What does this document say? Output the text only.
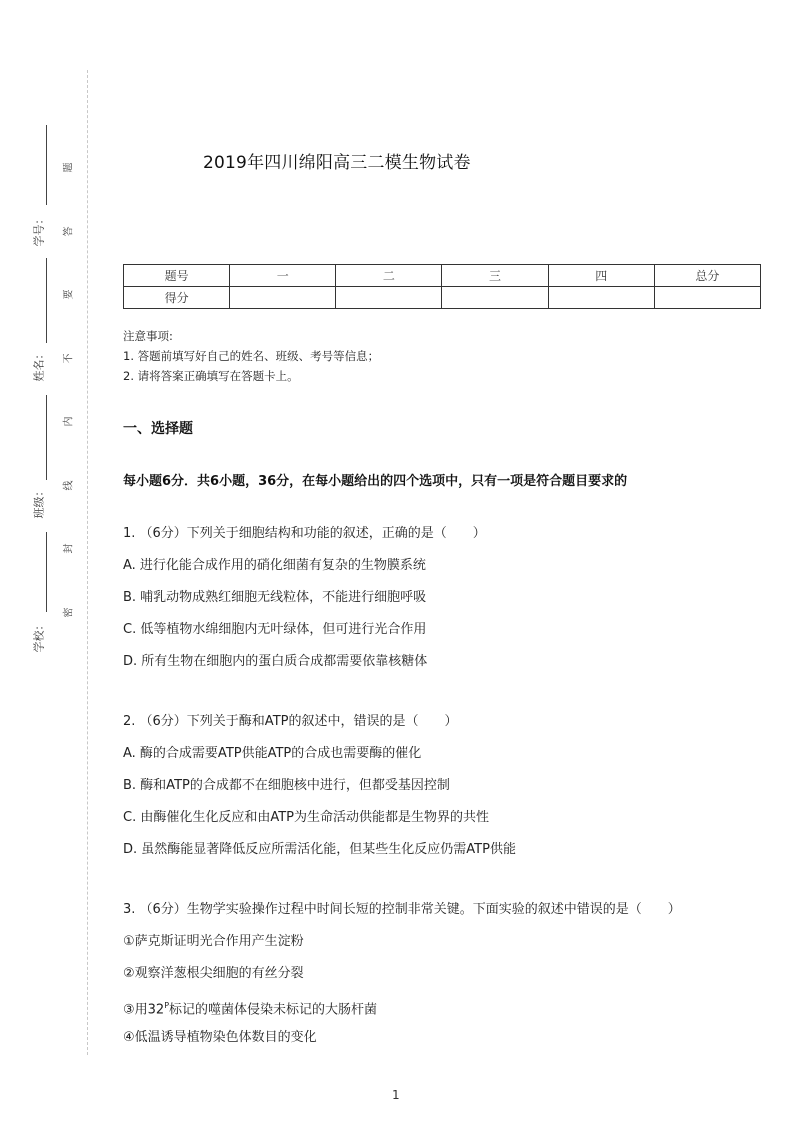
学号：
姓名：
班级：
学校：
题
答
要
不
内
线
封
密
2019年四川绵阳高三二模生物试卷
题号	一	二	三	四	总分
得分					
注意事项:
1. 答题前填写好自己的姓名、班级、考号等信息；
2. 请将答案正确填写在答题卡上。
一、选择题
每小题6分．共6小题，36分，在每小题给出的四个选项中，只有一项是符合题目要求的
1. （6分）下列关于细胞结构和功能的叙述，正确的是（　　）
A. 进行化能合成作用的硝化细菌有复杂的生物膜系统
B. 哺乳动物成熟红细胞无线粒体，不能进行细胞呼吸
C. 低等植物水绵细胞内无叶绿体，但可进行光合作用
D. 所有生物在细胞内的蛋白质合成都需要依靠核糖体
2. （6分）下列关于酶和ATP的叙述中，错误的是（　　）
A. 酶的合成需要ATP供能ATP的合成也需要酶的催化
B. 酶和ATP的合成都不在细胞核中进行，但都受基因控制
C. 由酶催化生化反应和由ATP为生命活动供能都是生物界的共性
D. 虽然酶能显著降低反应所需活化能，但某些生化反应仍需ATP供能
3. （6分）生物学实验操作过程中时间长短的控制非常关键。下面实验的叙述中错误的是（　　）
①萨克斯证明光合作用产生淀粉
②观察洋葱根尖细胞的有丝分裂
③用$32^P$标记的噬菌体侵染未标记的大肠杆菌
④低温诱导植物染色体数目的变化
1
